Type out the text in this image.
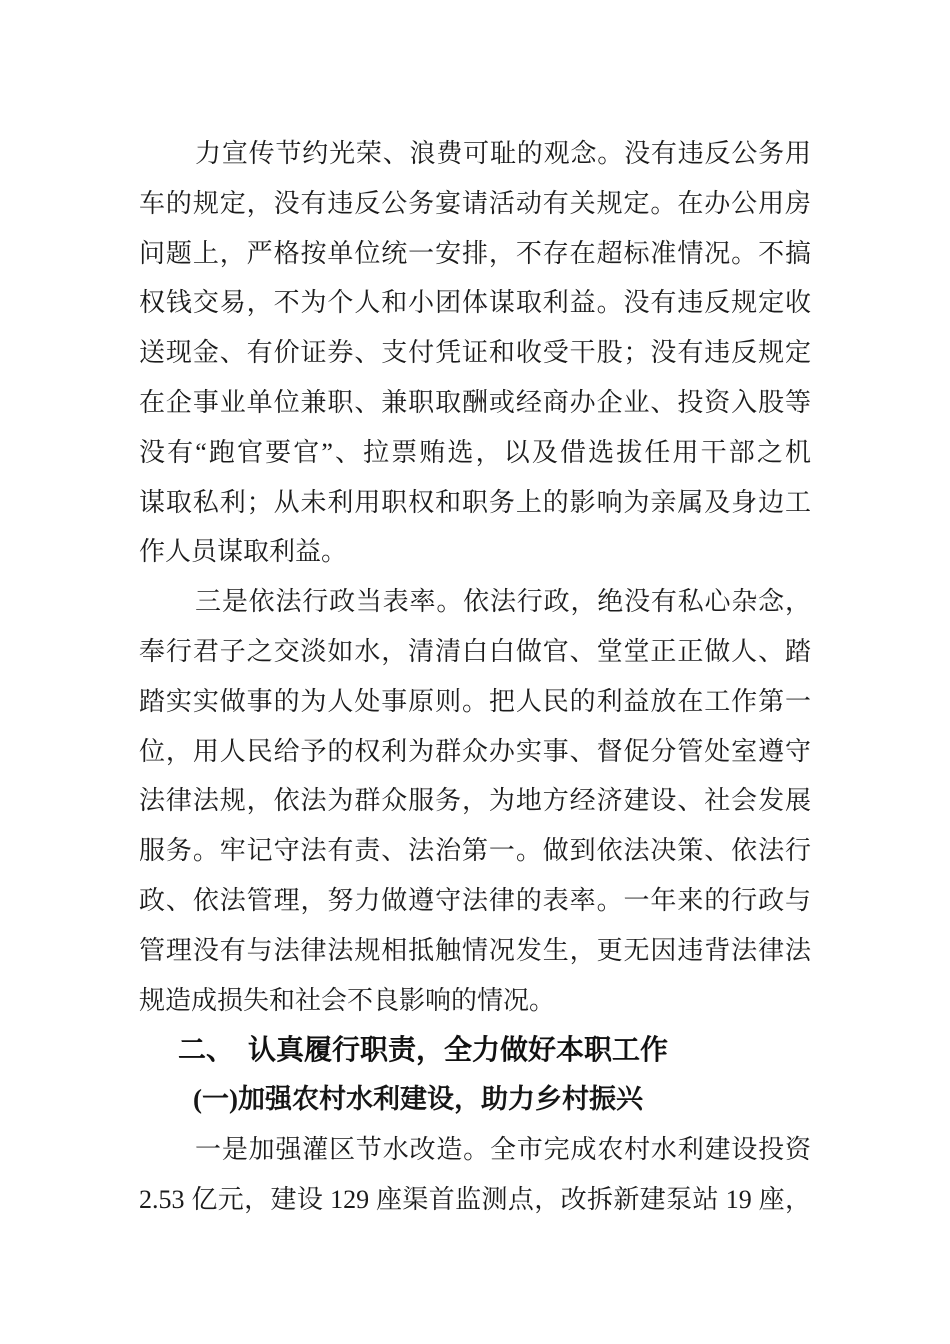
力宣传节约光荣、浪费可耻的观念。没有违反公务用
车的规定，没有违反公务宴请活动有关规定。在办公用房
问题上，严格按单位统一安排，不存在超标准情况。不搞
权钱交易，不为个人和小团体谋取利益。没有违反规定收
送现金、有价证券、支付凭证和收受干股；没有违反规定
在企事业单位兼职、兼职取酬或经商办企业、投资入股等
没有“跑官要官”、拉票贿选，以及借选拔任用干部之机
谋取私利；从未利用职权和职务上的影响为亲属及身边工
作人员谋取利益。
三是依法行政当表率。依法行政，绝没有私心杂念，
奉行君子之交淡如水，清清白白做官、堂堂正正做人、踏
踏实实做事的为人处事原则。把人民的利益放在工作第一
位，用人民给予的权利为群众办实事、督促分管处室遵守
法律法规，依法为群众服务，为地方经济建设、社会发展
服务。牢记守法有责、法治第一。做到依法决策、依法行
政、依法管理，努力做遵守法律的表率。一年来的行政与
管理没有与法律法规相抵触情况发生，更无因违背法律法
规造成损失和社会不良影响的情况。
二、　认真履行职责，全力做好本职工作
(一)加强农村水利建设，助力乡村振兴
一是加强灌区节水改造。全市完成农村水利建设投资
2.53 亿元，建设 129 座渠首监测点，改拆新建泵站 19 座，
